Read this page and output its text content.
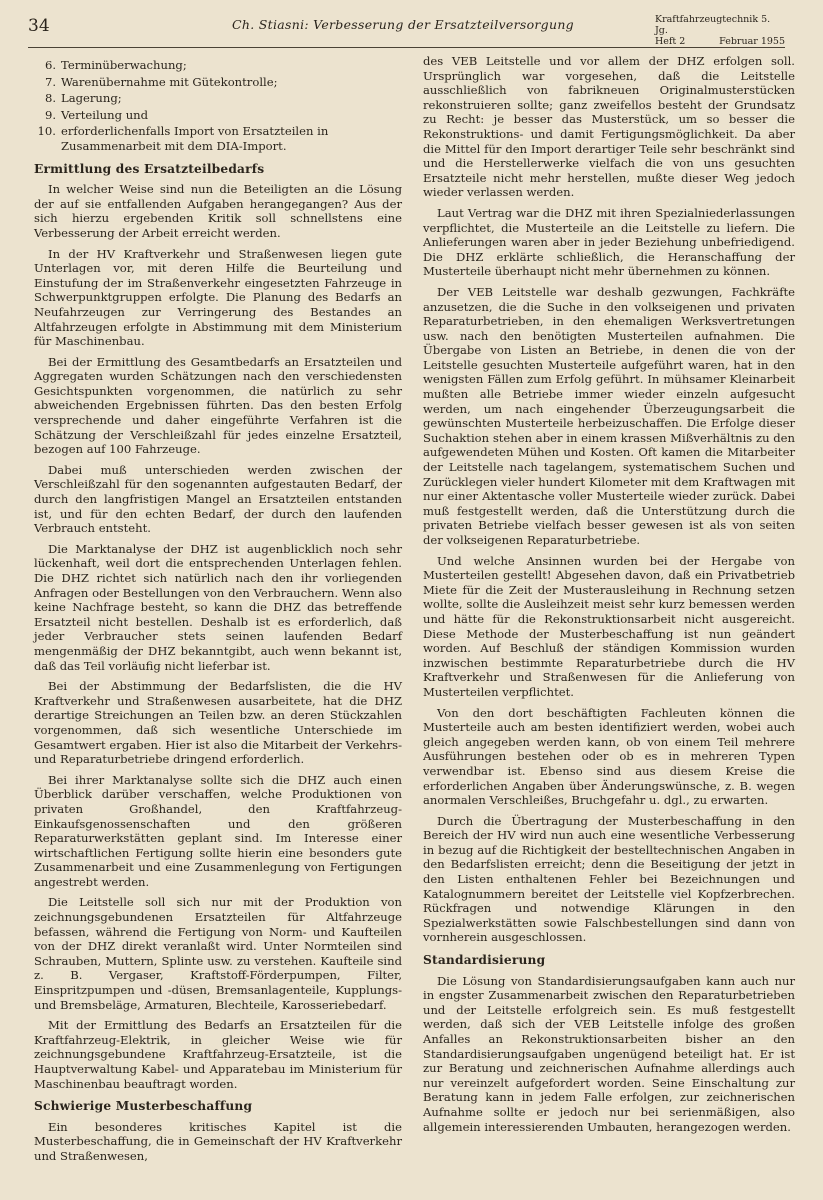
34	Ch. Stiasni: Verbesserung der Ersatzteilversorgung	Kraftfahrzeugtechnik 5. Jg.
Heft 2	Februar 1955
6. Terminüberwachung;
7. Warenübernahme mit Gütekontrolle;
8. Lagerung;
9. Verteilung und
10. erforderlichenfalls Import von Ersatzteilen in Zusammenarbeit mit dem DIA-Import.
Ermittlung des Ersatzteilbedarfs

In welcher Weise sind nun die Beteiligten an die Lösung der auf sie entfallenden Aufgaben herangegangen? Aus der sich hierzu ergebenden Kritik soll schnellstens eine Verbesserung der Arbeit erreicht werden.

In der HV Kraftverkehr und Straßenwesen liegen gute Unterlagen vor, mit deren Hilfe die Beurteilung und Einstufung der im Straßenverkehr eingesetzten Fahrzeuge in Schwerpunktgruppen erfolgte. Die Planung des Bedarfs an Neufahrzeugen zur Verringerung des Bestandes an Altfahrzeugen erfolgte in Abstimmung mit dem Ministerium für Maschinenbau.

Bei der Ermittlung des Gesamtbedarfs an Ersatzteilen und Aggregaten wurden Schätzungen nach den verschiedensten Gesichtspunkten vorgenommen, die natürlich zu sehr abweichenden Ergebnissen führten. Das den besten Erfolg versprechende und daher eingeführte Verfahren ist die Schätzung der Verschleißzahl für jedes einzelne Ersatzteil, bezogen auf 100 Fahrzeuge.

Dabei muß unterschieden werden zwischen der Verschleißzahl für den sogenannten aufgestauten Bedarf, der durch den langfristigen Mangel an Ersatzteilen entstanden ist, und für den echten Bedarf, der durch den laufenden Verbrauch entsteht.

Die Marktanalyse der DHZ ist augenblicklich noch sehr lückenhaft, weil dort die entsprechenden Unterlagen fehlen. Die DHZ richtet sich natürlich nach den ihr vorliegenden Anfragen oder Bestellungen von den Verbrauchern. Wenn also keine Nachfrage besteht, so kann die DHZ das betreffende Ersatzteil nicht bestellen. Deshalb ist es erforderlich, daß jeder Verbraucher stets seinen laufenden Bedarf mengenmäßig der DHZ bekanntgibt, auch wenn bekannt ist, daß das Teil vorläufig nicht lieferbar ist.

Bei der Abstimmung der Bedarfslisten, die die HV Kraftverkehr und Straßenwesen ausarbeitete, hat die DHZ derartige Streichungen an Teilen bzw. an deren Stückzahlen vorgenommen, daß sich wesentliche Unterschiede im Gesamtwert ergaben. Hier ist also die Mitarbeit der Verkehrs- und Reparaturbetriebe dringend erforderlich.

Bei ihrer Marktanalyse sollte sich die DHZ auch einen Überblick darüber verschaffen, welche Produktionen von privaten Großhandel, den Kraftfahrzeug-Einkaufsgenossenschaften und den größeren Reparaturwerkstätten geplant sind. Im Interesse einer wirtschaftlichen Fertigung sollte hierin eine besonders gute Zusammenarbeit und eine Zusammenlegung von Fertigungen angestrebt werden.

Die Leitstelle soll sich nur mit der Produktion von zeichnungsgebundenen Ersatzteilen für Altfahrzeuge befassen, während die Fertigung von Norm- und Kaufteilen von der DHZ direkt veranlaßt wird. Unter Normteilen sind Schrauben, Muttern, Splinte usw. zu verstehen. Kaufteile sind z. B. Vergaser, Kraftstoff-Förderpumpen, Filter, Einspritzpumpen und -düsen, Bremsanlagenteile, Kupplungs- und Bremsbeläge, Armaturen, Blechteile, Karosseriebedarf.

Mit der Ermittlung des Bedarfs an Ersatzteilen für die Kraftfahrzeug-Elektrik, in gleicher Weise wie für zeichnungsgebundene Kraftfahrzeug-Ersatzteile, ist die Hauptverwaltung Kabel- und Apparatebau im Ministerium für Maschinenbau beauftragt worden.

Schwierige Musterbeschaffung

Ein besonderes kritisches Kapitel ist die Musterbeschaffung, die in Gemeinschaft der HV Kraftverkehr und Straßenwesen,

des VEB Leitstelle und vor allem der DHZ erfolgen soll. Ursprünglich war vorgesehen, daß die Leitstelle ausschließlich von fabrikneuen Originalmusterstücken rekonstruieren sollte; ganz zweifellos besteht der Grundsatz zu Recht: je besser das Musterstück, um so besser die Rekonstruktions- und damit Fertigungsmöglichkeit. Da aber die Mittel für den Import derartiger Teile sehr beschränkt sind und die Herstellerwerke vielfach die von uns gesuchten Ersatzteile nicht mehr herstellen, mußte dieser Weg jedoch wieder verlassen werden.

Laut Vertrag war die DHZ mit ihren Spezialniederlassungen verpflichtet, die Musterteile an die Leitstelle zu liefern. Die Anlieferungen waren aber in jeder Beziehung unbefriedigend. Die DHZ erklärte schließlich, die Heranschaffung der Musterteile überhaupt nicht mehr übernehmen zu können.

Der VEB Leitstelle war deshalb gezwungen, Fachkräfte anzusetzen, die die Suche in den volkseigenen und privaten Reparaturbetrieben, in den ehemaligen Werksvertretungen usw. nach den benötigten Musterteilen aufnahmen. Die Übergabe von Listen an Betriebe, in denen die von der Leitstelle gesuchten Musterteile aufgeführt waren, hat in den wenigsten Fällen zum Erfolg geführt. In mühsamer Kleinarbeit mußten alle Betriebe immer wieder einzeln aufgesucht werden, um nach eingehender Überzeugungsarbeit die gewünschten Musterteile herbeizuschaffen. Die Erfolge dieser Suchaktion stehen aber in einem krassen Mißverhältnis zu den aufgewendeten Mühen und Kosten. Oft kamen die Mitarbeiter der Leitstelle nach tagelangem, systematischem Suchen und Zurücklegen vieler hundert Kilometer mit dem Kraftwagen mit nur einer Aktentasche voller Musterteile wieder zurück. Dabei muß festgestellt werden, daß die Unterstützung durch die privaten Betriebe vielfach besser gewesen ist als von seiten der volkseigenen Reparaturbetriebe.

Und welche Ansinnen wurden bei der Hergabe von Musterteilen gestellt! Abgesehen davon, daß ein Privatbetrieb Miete für die Zeit der Musterausleihung in Rechnung setzen wollte, sollte die Ausleihzeit meist sehr kurz bemessen werden und hätte für die Rekonstruktionsarbeit nicht ausgereicht. Diese Methode der Musterbeschaffung ist nun geändert worden. Auf Beschluß der ständigen Kommission wurden inzwischen bestimmte Reparaturbetriebe durch die HV Kraftverkehr und Straßenwesen für die Anlieferung von Musterteilen verpflichtet.

Von den dort beschäftigten Fachleuten können die Musterteile auch am besten identifiziert werden, wobei auch gleich angegeben werden kann, ob von einem Teil mehrere Ausführungen bestehen oder ob es in mehreren Typen verwendbar ist. Ebenso sind aus diesem Kreise die erforderlichen Angaben über Änderungswünsche, z. B. wegen anormalen Verschleißes, Bruchgefahr u. dgl., zu erwarten.

Durch die Übertragung der Musterbeschaffung in den Bereich der HV wird nun auch eine wesentliche Verbesserung in bezug auf die Richtigkeit der bestelltechnischen Angaben in den Bedarfslisten erreicht; denn die Beseitigung der jetzt in den Listen enthaltenen Fehler bei Bezeichnungen und Katalognummern bereitet der Leitstelle viel Kopfzerbrechen. Rückfragen und notwendige Klärungen in den Spezialwerkstätten sowie Falschbestellungen sind dann von vornherein ausgeschlossen.

Standardisierung

Die Lösung von Standardisierungsaufgaben kann auch nur in engster Zusammenarbeit zwischen den Reparaturbetrieben und der Leitstelle erfolgreich sein. Es muß festgestellt werden, daß sich der VEB Leitstelle infolge des großen Anfalles an Rekonstruktionsarbeiten bisher an den Standardisierungsaufgaben ungenügend beteiligt hat. Er ist zur Beratung und zeichnerischen Aufnahme allerdings auch nur vereinzelt aufgefordert worden. Seine Einschaltung zur Beratung kann in jedem Falle erfolgen, zur zeichnerischen Aufnahme sollte er jedoch nur bei serienmäßigen, also allgemein interessierenden Umbauten, herangezogen werden.
